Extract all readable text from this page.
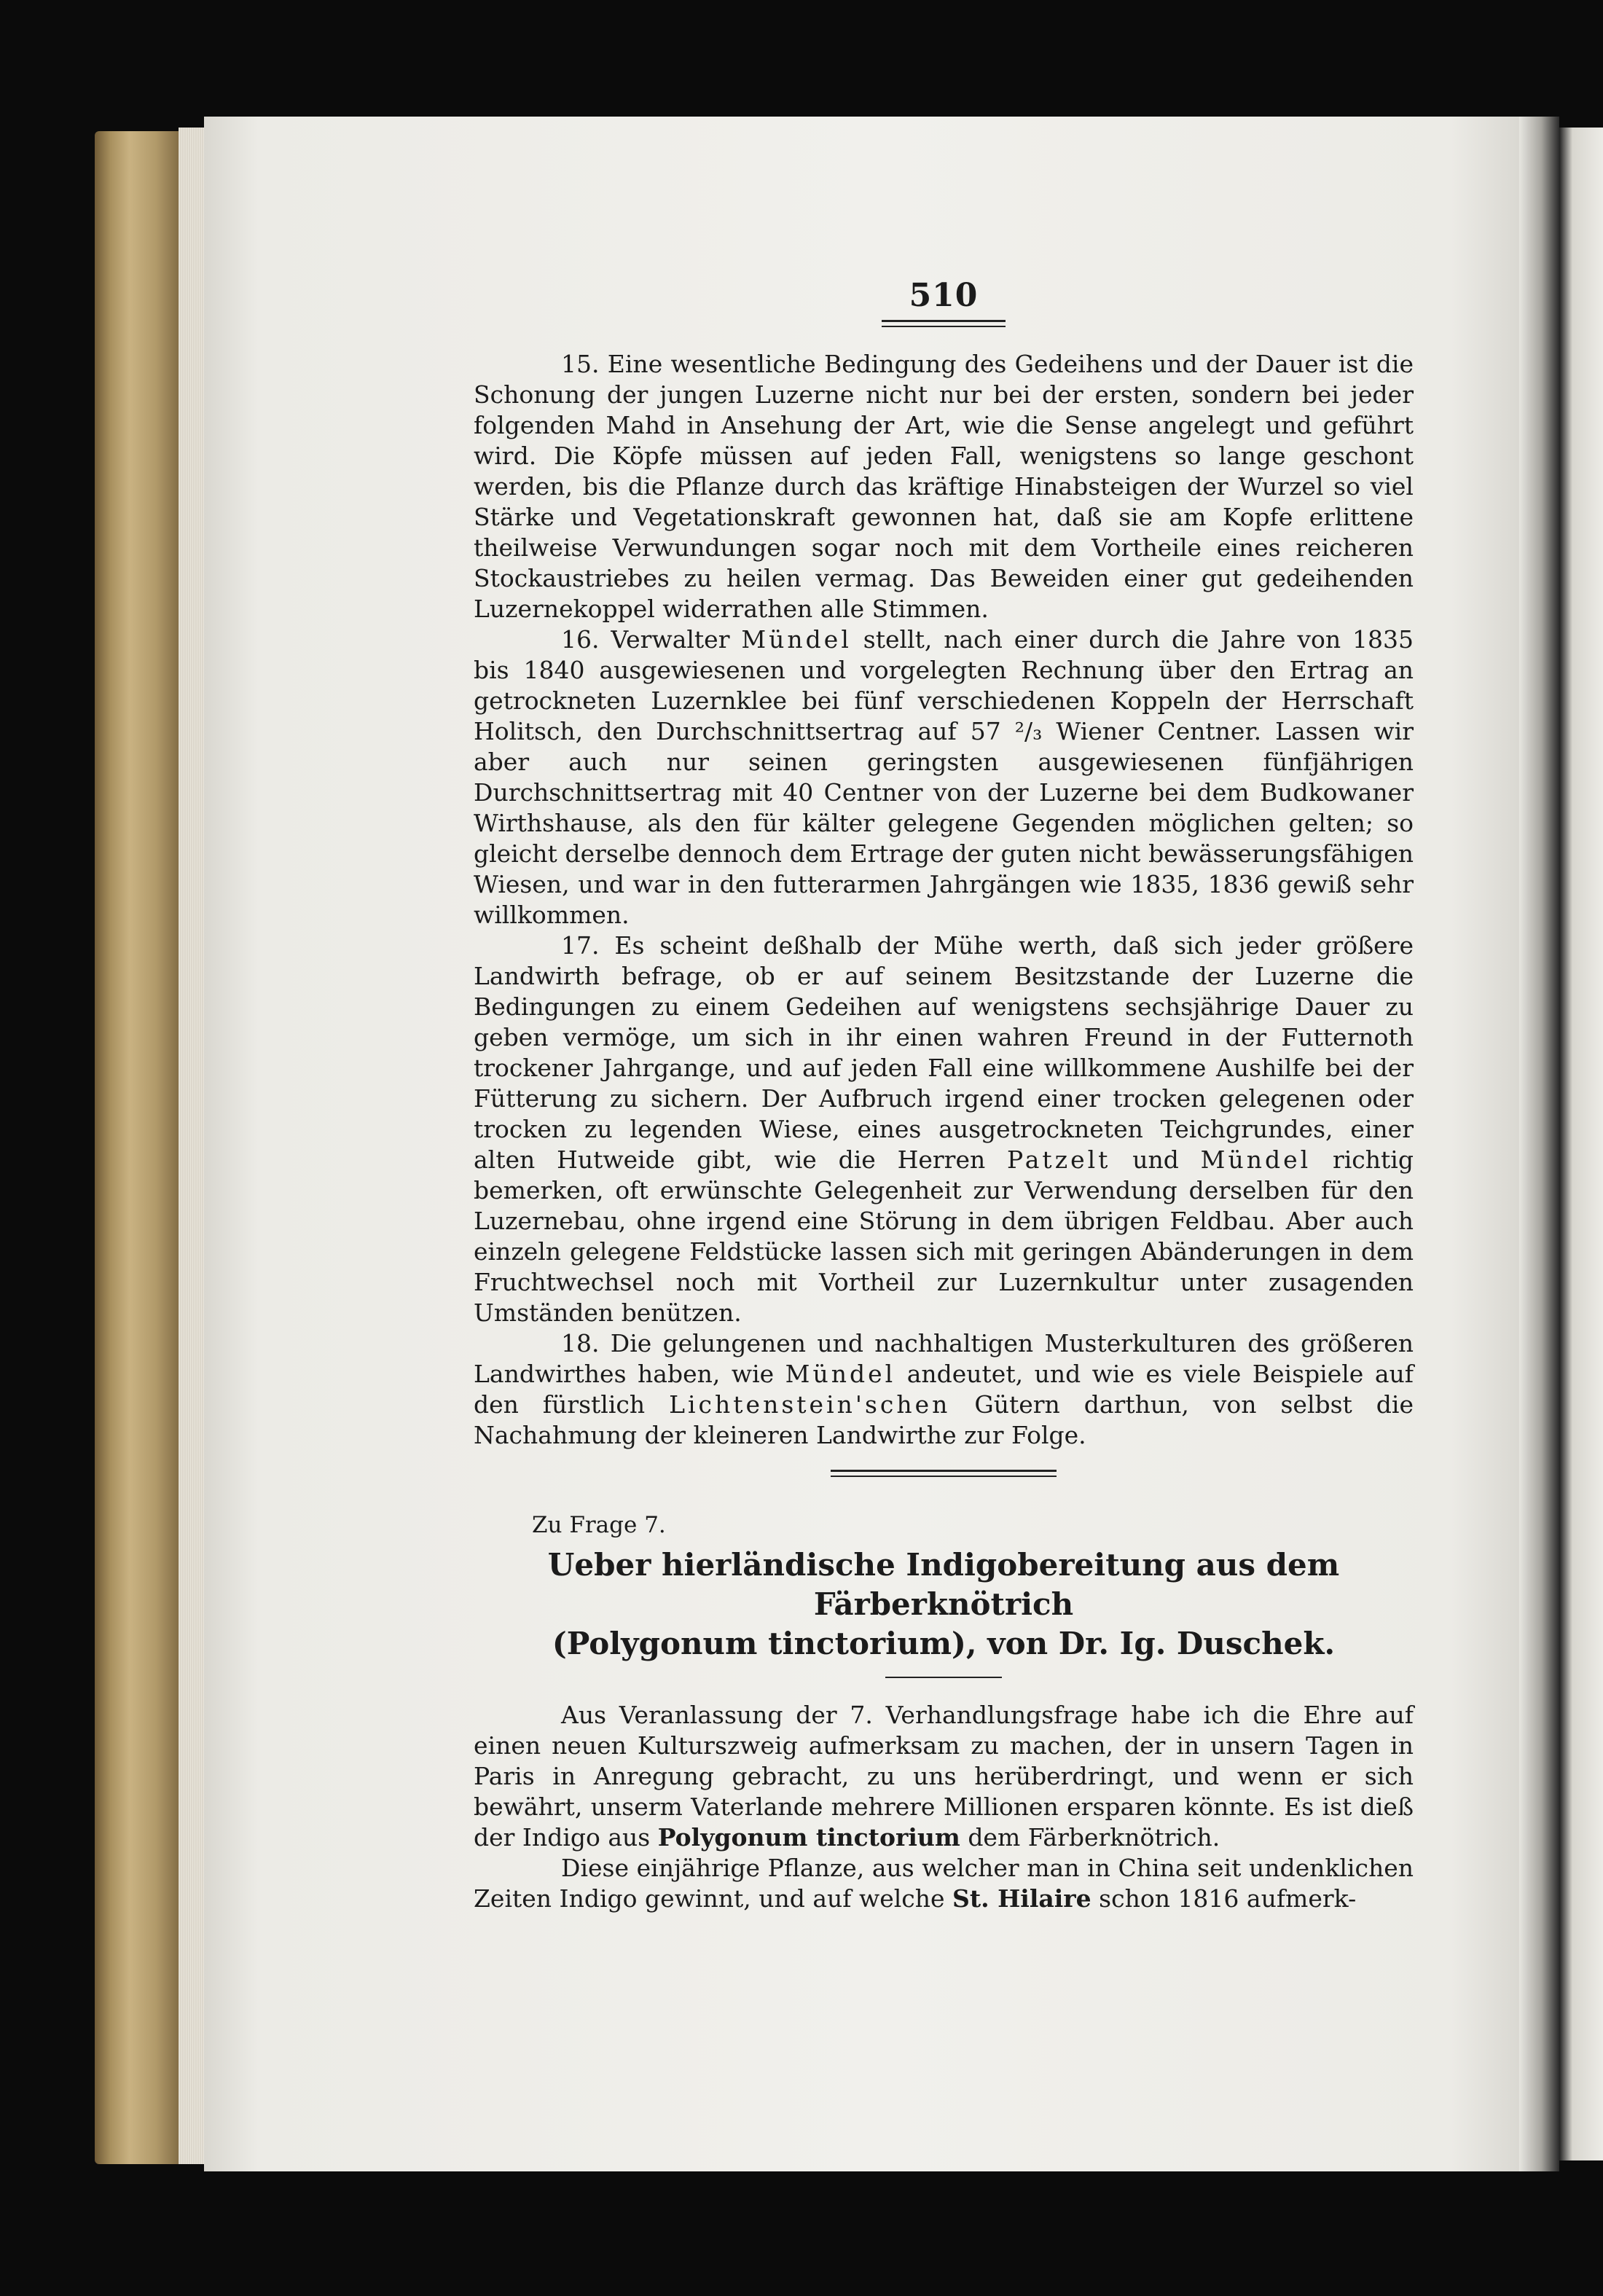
510

15. Eine wesentliche Bedingung des Gedeihens und der Dauer ist die Schonung der jungen Luzerne nicht nur bei der ersten, sondern bei jeder folgenden Mahd in Ansehung der Art, wie die Sense angelegt und geführt wird. Die Köpfe müssen auf jeden Fall, wenigstens so lange geschont werden, bis die Pflanze durch das kräftige Hinabsteigen der Wurzel so viel Stärke und Vegetationskraft gewonnen hat, daß sie am Kopfe erlittene theilweise Verwundungen sogar noch mit dem Vortheile eines reicheren Stockaustriebes zu heilen vermag. Das Beweiden einer gut gedeihenden Luzernekoppel widerrathen alle Stimmen.

16. Verwalter Mündel stellt, nach einer durch die Jahre von 1835 bis 1840 ausgewiesenen und vorgelegten Rechnung über den Ertrag an getrockneten Luzernklee bei fünf verschiedenen Koppeln der Herrschaft Holitsch, den Durchschnittsertrag auf 57 ²/₃ Wiener Centner. Lassen wir aber auch nur seinen geringsten ausgewiesenen fünfjährigen Durchschnittsertrag mit 40 Centner von der Luzerne bei dem Budkowaner Wirthshause, als den für kälter gelegene Gegenden möglichen gelten; so gleicht derselbe dennoch dem Ertrage der guten nicht bewässerungsfähigen Wiesen, und war in den futterarmen Jahrgängen wie 1835, 1836 gewiß sehr willkommen.

17. Es scheint deßhalb der Mühe werth, daß sich jeder größere Landwirth befrage, ob er auf seinem Besitzstande der Luzerne die Bedingungen zu einem Gedeihen auf wenigstens sechsjährige Dauer zu geben vermöge, um sich in ihr einen wahren Freund in der Futternoth trockener Jahrgange, und auf jeden Fall eine willkommene Aushilfe bei der Fütterung zu sichern. Der Aufbruch irgend einer trocken gelegenen oder trocken zu legenden Wiese, eines ausgetrockneten Teichgrundes, einer alten Hutweide gibt, wie die Herren Patzelt und Mündel richtig bemerken, oft erwünschte Gelegenheit zur Verwendung derselben für den Luzernebau, ohne irgend eine Störung in dem übrigen Feldbau. Aber auch einzeln gelegene Feldstücke lassen sich mit geringen Abänderungen in dem Fruchtwechsel noch mit Vortheil zur Luzernkultur unter zusagenden Umständen benützen.

18. Die gelungenen und nachhaltigen Musterkulturen des größeren Landwirthes haben, wie Mündel andeutet, und wie es viele Beispiele auf den fürstlich Lichtenstein'schen Gütern darthun, von selbst die Nachahmung der kleineren Landwirthe zur Folge.

Zu Frage 7.
Ueber hierländische Indigobereitung aus dem Färberknötrich
(Polygonum tinctorium), von Dr. Ig. Duschek.

Aus Veranlassung der 7. Verhandlungsfrage habe ich die Ehre auf einen neuen Kulturszweig aufmerksam zu machen, der in unsern Tagen in Paris in Anregung gebracht, zu uns herüberdringt, und wenn er sich bewährt, unserm Vaterlande mehrere Millionen ersparen könnte. Es ist dieß der Indigo aus Polygonum tinctorium dem Färberknötrich.

Diese einjährige Pflanze, aus welcher man in China seit undenklichen Zeiten Indigo gewinnt, und auf welche St. Hilaire schon 1816 aufmerk-
